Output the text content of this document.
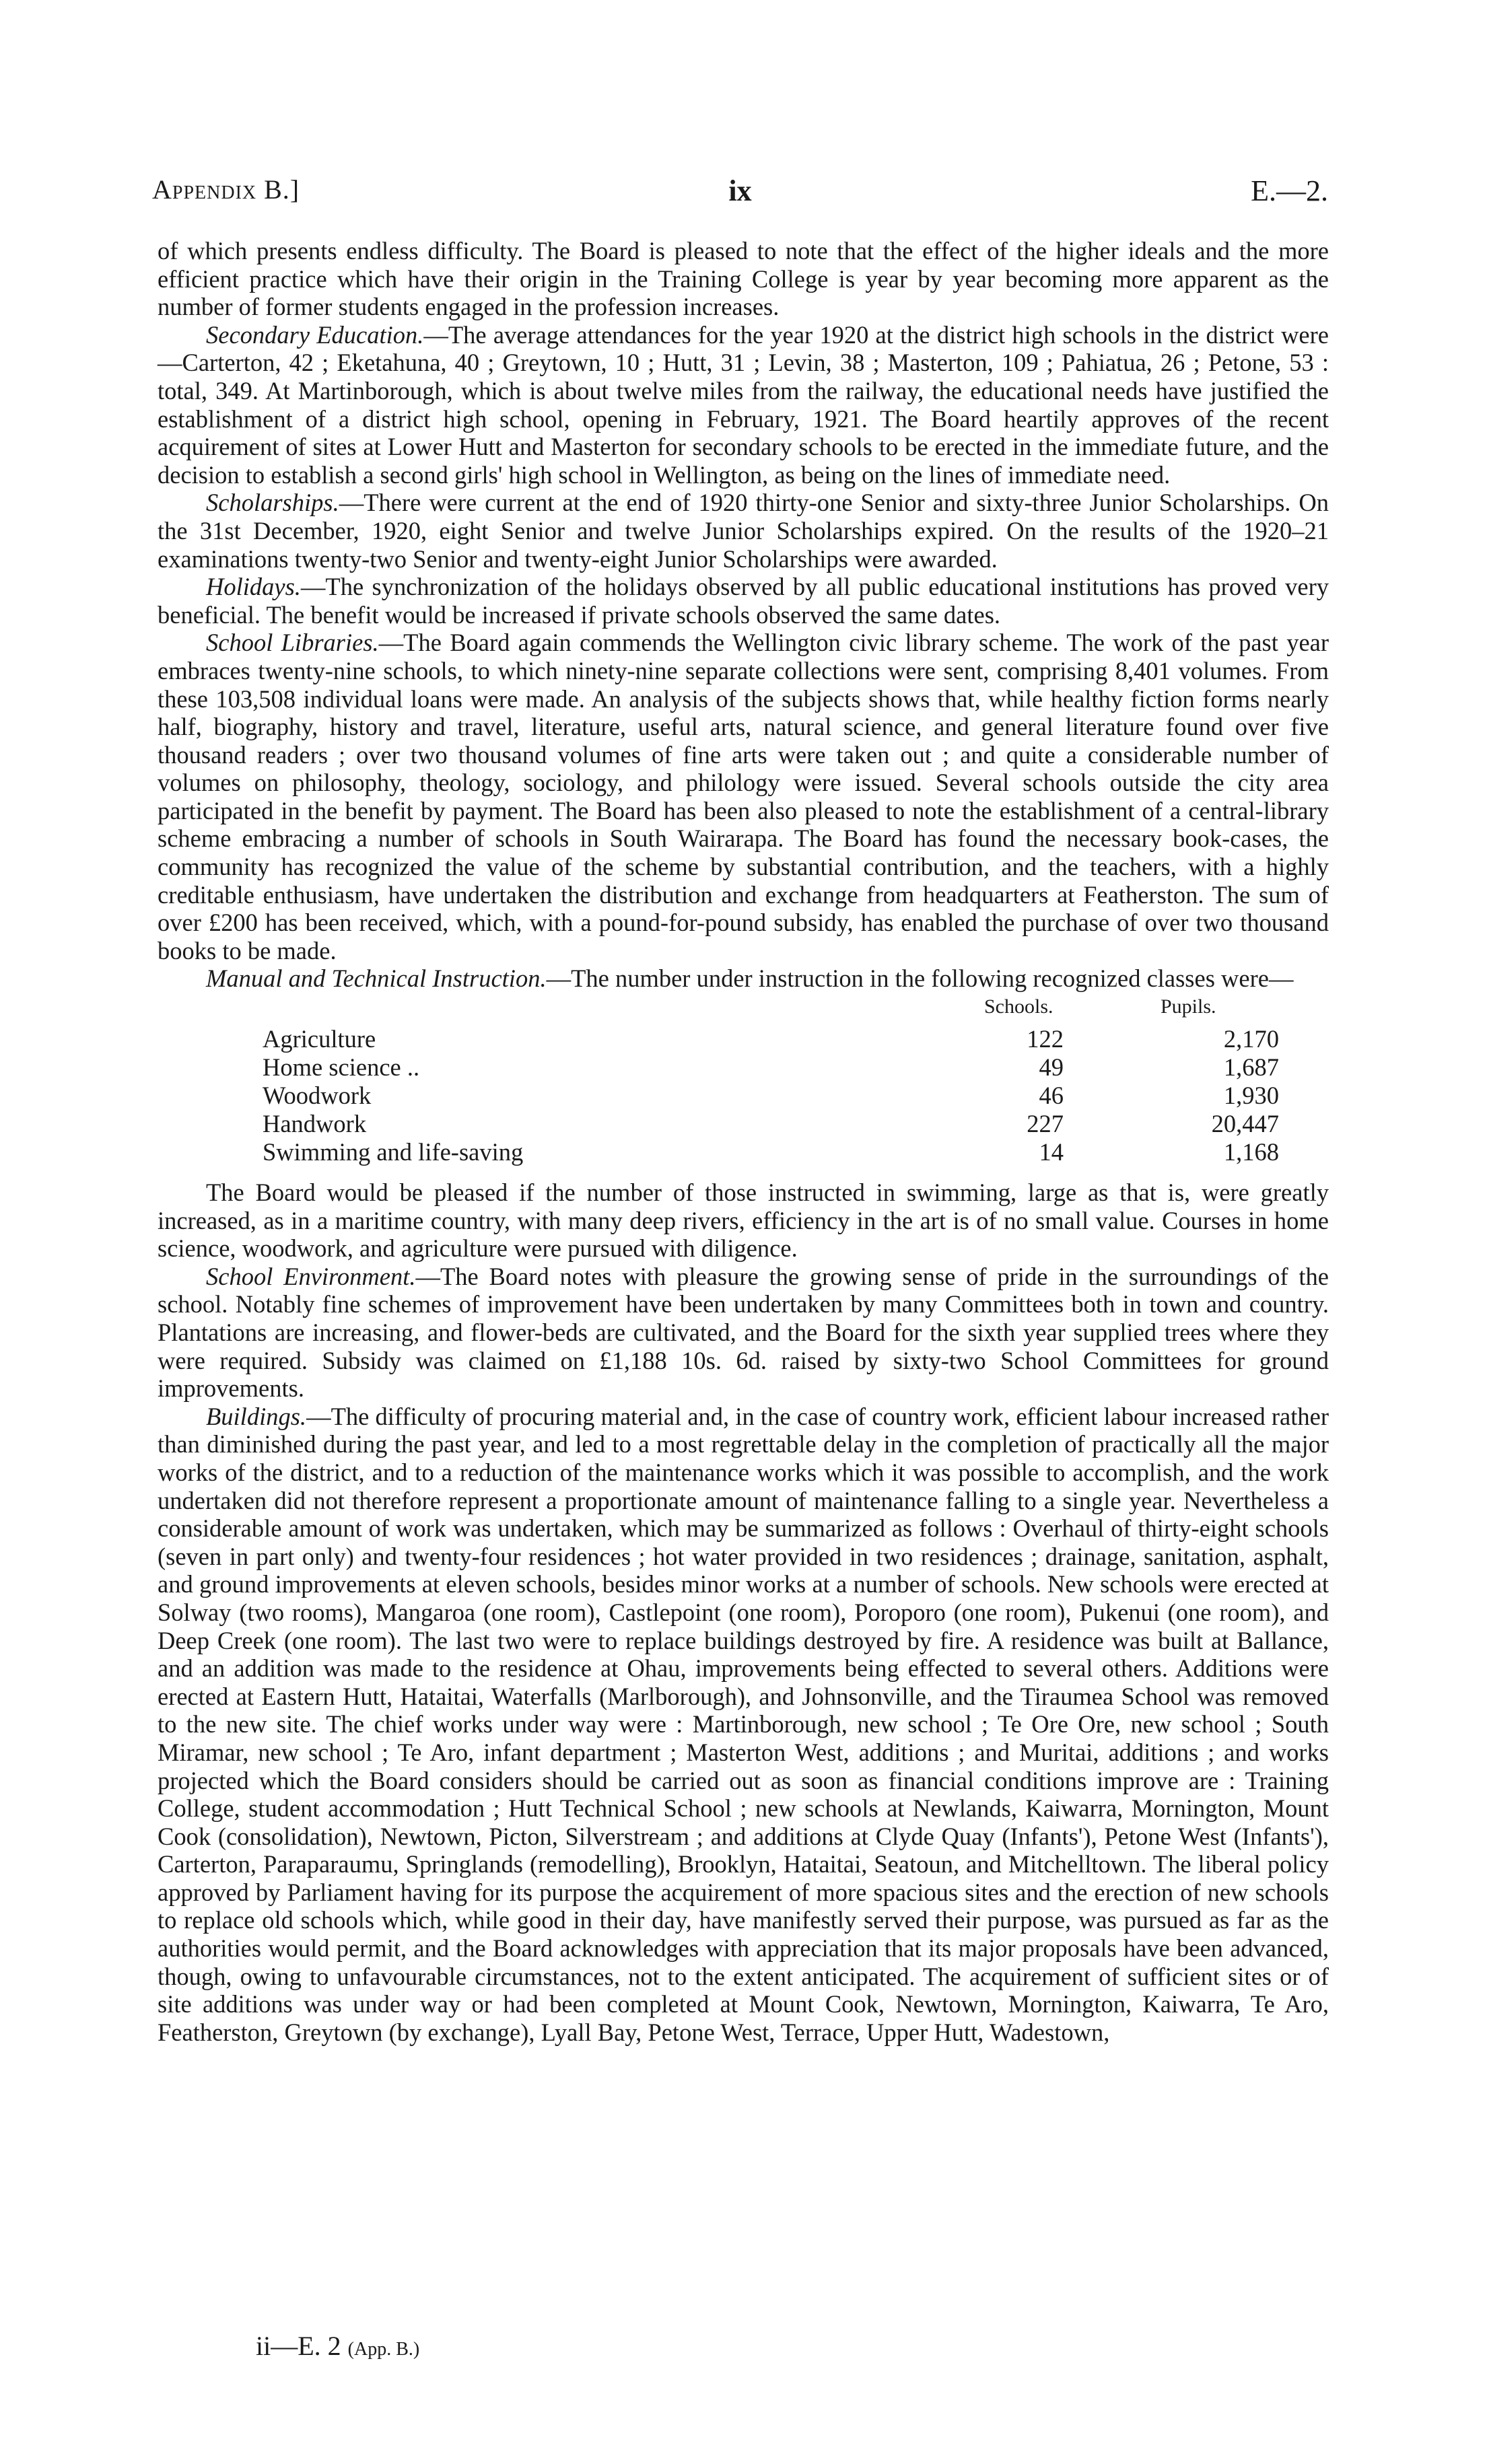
Appendix B.]	ix	E.—2.

of which presents endless difficulty. The Board is pleased to note that the effect of the higher ideals and the more efficient practice which have their origin in the Training College is year by year becoming more apparent as the number of former students engaged in the profession increases.

Secondary Education.—The average attendances for the year 1920 at the district high schools in the district were—Carterton, 42 ; Eketahuna, 40 ; Greytown, 10 ; Hutt, 31 ; Levin, 38 ; Masterton, 109 ; Pahiatua, 26 ; Petone, 53 : total, 349. At Martinborough, which is about twelve miles from the railway, the educational needs have justified the establishment of a district high school, opening in February, 1921. The Board heartily approves of the recent acquirement of sites at Lower Hutt and Masterton for secondary schools to be erected in the immediate future, and the decision to establish a second girls' high school in Wellington, as being on the lines of immediate need.

Scholarships.—There were current at the end of 1920 thirty-one Senior and sixty-three Junior Scholarships. On the 31st December, 1920, eight Senior and twelve Junior Scholarships expired. On the results of the 1920–21 examinations twenty-two Senior and twenty-eight Junior Scholarships were awarded.

Holidays.—The synchronization of the holidays observed by all public educational institutions has proved very beneficial. The benefit would be increased if private schools observed the same dates.

School Libraries.—The Board again commends the Wellington civic library scheme. The work of the past year embraces twenty-nine schools, to which ninety-nine separate collections were sent, comprising 8,401 volumes. From these 103,508 individual loans were made. An analysis of the subjects shows that, while healthy fiction forms nearly half, biography, history and travel, literature, useful arts, natural science, and general literature found over five thousand readers ; over two thousand volumes of fine arts were taken out ; and quite a considerable number of volumes on philosophy, theology, sociology, and philology were issued. Several schools outside the city area participated in the benefit by payment. The Board has been also pleased to note the establishment of a central-library scheme embracing a number of schools in South Wairarapa. The Board has found the necessary book-cases, the community has recognized the value of the scheme by substantial contribution, and the teachers, with a highly creditable enthusiasm, have undertaken the distribution and exchange from headquarters at Featherston. The sum of over £200 has been received, which, with a pound-for-pound subsidy, has enabled the purchase of over two thousand books to be made.

Manual and Technical Instruction.—The number under instruction in the following recognized classes were—

Schools.	Pupils.
Agriculture	122	2,170
Home science ..	49	1,687
Woodwork	46	1,930
Handwork	227	20,447
Swimming and life-saving	14	1,168

The Board would be pleased if the number of those instructed in swimming, large as that is, were greatly increased, as in a maritime country, with many deep rivers, efficiency in the art is of no small value. Courses in home science, woodwork, and agriculture were pursued with diligence.

School Environment.—The Board notes with pleasure the growing sense of pride in the surroundings of the school. Notably fine schemes of improvement have been undertaken by many Committees both in town and country. Plantations are increasing, and flower-beds are cultivated, and the Board for the sixth year supplied trees where they were required. Subsidy was claimed on £1,188 10s. 6d. raised by sixty-two School Committees for ground improvements.

Buildings.—The difficulty of procuring material and, in the case of country work, efficient labour increased rather than diminished during the past year, and led to a most regrettable delay in the completion of practically all the major works of the district, and to a reduction of the maintenance works which it was possible to accomplish, and the work undertaken did not therefore represent a proportionate amount of maintenance falling to a single year. Nevertheless a considerable amount of work was undertaken, which may be summarized as follows : Overhaul of thirty-eight schools (seven in part only) and twenty-four residences ; hot water provided in two residences ; drainage, sanitation, asphalt, and ground improvements at eleven schools, besides minor works at a number of schools. New schools were erected at Solway (two rooms), Mangaroa (one room), Castlepoint (one room), Poroporo (one room), Pukenui (one room), and Deep Creek (one room). The last two were to replace buildings destroyed by fire. A residence was built at Ballance, and an addition was made to the residence at Ohau, improvements being effected to several others. Additions were erected at Eastern Hutt, Hataitai, Waterfalls (Marlborough), and Johnsonville, and the Tiraumea School was removed to the new site. The chief works under way were : Martinborough, new school ; Te Ore Ore, new school ; South Miramar, new school ; Te Aro, infant department ; Masterton West, additions ; and Muritai, additions ; and works projected which the Board considers should be carried out as soon as financial conditions improve are : Training College, student accommodation ; Hutt Technical School ; new schools at Newlands, Kaiwarra, Mornington, Mount Cook (consolidation), Newtown, Picton, Silverstream ; and additions at Clyde Quay (Infants'), Petone West (Infants'), Carterton, Paraparaumu, Springlands (remodelling), Brooklyn, Hataitai, Seatoun, and Mitchelltown. The liberal policy approved by Parliament having for its purpose the acquirement of more spacious sites and the erection of new schools to replace old schools which, while good in their day, have manifestly served their purpose, was pursued as far as the authorities would permit, and the Board acknowledges with appreciation that its major proposals have been advanced, though, owing to unfavourable circumstances, not to the extent anticipated. The acquirement of sufficient sites or of site additions was under way or had been completed at Mount Cook, Newtown, Mornington, Kaiwarra, Te Aro, Featherston, Greytown (by exchange), Lyall Bay, Petone West, Terrace, Upper Hutt, Wadestown,

ii—E. 2 (App. B.)
